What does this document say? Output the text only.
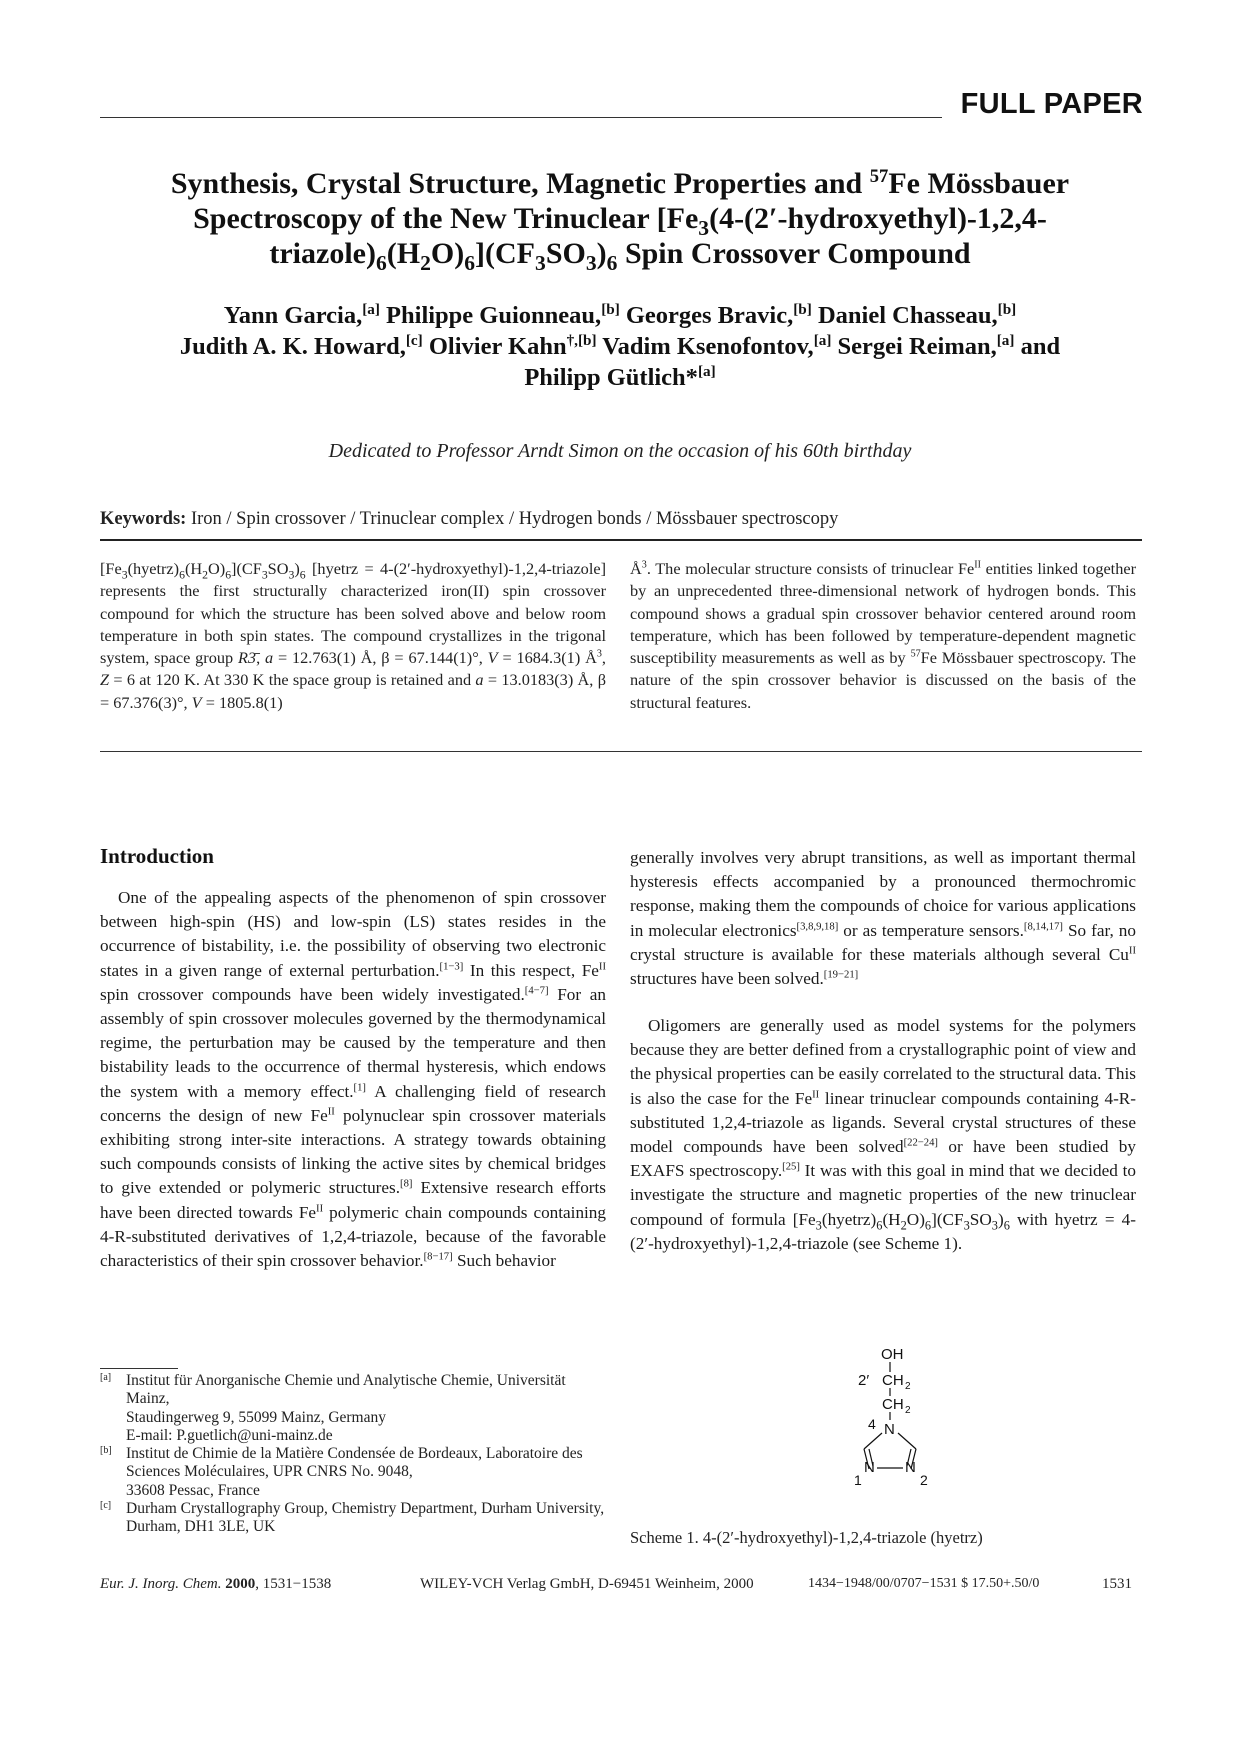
FULL PAPER
Synthesis, Crystal Structure, Magnetic Properties and $^{57}$Fe Mössbauer
Spectroscopy of the New Trinuclear [$Fe_3(4-(2'-hydroxyethyl)-1,2,4-$
$triazole)_6(H_2O)_6](CF_3SO_3)_6$ Spin Crossover Compound
Yann Garcia,[a] Philippe Guionneau,[b] Georges Bravic,[b] Daniel Chasseau,[b]
Judith A. K. Howard,[c] Olivier Kahn$^{\dagger,[b]}$ Vadim Ksenofontov,[a] Sergei Reiman,[a] and
Philipp Gütlich*[a]
Dedicated to Professor Arndt Simon on the occasion of his 60th birthday
Keywords: Iron / Spin crossover / Trinuclear complex / Hydrogen bonds / Mössbauer spectroscopy

$[Fe_3(hyetrz)_6(H_2O)_6](CF_3SO_3)_6$ [hyetrz = 4-(2′-hydroxyethyl)-1,2,4-triazole] represents the first structurally characterized iron(II) spin crossover compound for which the structure has been solved above and below room temperature in both spin states. The compound crystallizes in the trigonal system, space group R3̄, a = 12.763(1) Å, β = 67.144(1)°, V = 1684.3(1) $Å^3$, Z = 6 at 120 K. At 330 K the space group is retained and a = 13.0183(3) Å, β = 67.376(3)°, V = 1805.8(1)

$Å^3$. The molecular structure consists of trinuclear $Fe^{II}$ entities linked together by an unprecedented three-dimensional network of hydrogen bonds. This compound shows a gradual spin crossover behavior centered around room temperature, which has been followed by temperature-dependent magnetic susceptibility measurements as well as by $^{57}$Fe Mössbauer spectroscopy. The nature of the spin crossover behavior is discussed on the basis of the structural features.

Introduction

One of the appealing aspects of the phenomenon of spin crossover between high-spin (HS) and low-spin (LS) states resides in the occurrence of bistability, i.e. the possibility of observing two electronic states in a given range of external perturbation.[1−3] In this respect, $Fe^{II}$ spin crossover compounds have been widely investigated.[4−7] For an assembly of spin crossover molecules governed by the thermodynamical regime, the perturbation may be caused by the temperature and then bistability leads to the occurrence of thermal hysteresis, which endows the system with a memory effect.[1] A challenging field of research concerns the design of new $Fe^{II}$ polynuclear spin crossover materials exhibiting strong inter-site interactions. A strategy towards obtaining such compounds consists of linking the active sites by chemical bridges to give extended or polymeric structures.[8] Extensive research efforts have been directed towards $Fe^{II}$ polymeric chain compounds containing 4-R-substituted derivatives of 1,2,4-triazole, because of the favorable characteristics of their spin crossover behavior.[8−17] Such behavior

generally involves very abrupt transitions, as well as important thermal hysteresis effects accompanied by a pronounced thermochromic response, making them the compounds of choice for various applications in molecular electronics[3,8,9,18] or as temperature sensors.[8,14,17] So far, no crystal structure is available for these materials although several $Cu^{II}$ structures have been solved.[19−21]

Oligomers are generally used as model systems for the polymers because they are better defined from a crystallographic point of view and the physical properties can be easily correlated to the structural data. This is also the case for the $Fe^{II}$ linear trinuclear compounds containing 4-R-substituted 1,2,4-triazole as ligands. Several crystal structures of these model compounds have been solved[22−24] or have been studied by EXAFS spectroscopy.[25] It was with this goal in mind that we decided to investigate the structure and magnetic properties of the new trinuclear compound of formula $[Fe_3(hyetrz)_6(H_2O)_6](CF_3SO_3)_6$ with hyetrz = 4-(2′-hydroxyethyl)-1,2,4-triazole (see Scheme 1).

[a] Institut für Anorganische Chemie und Analytische Chemie, Universität Mainz,
Staudingerweg 9, 55099 Mainz, Germany
E-mail: P.guetlich@uni-mainz.de
[b] Institut de Chimie de la Matière Condensée de Bordeaux, Laboratoire des Sciences Moléculaires, UPR CNRS No. 9048,
33608 Pessac, France
[c] Durham Crystallography Group, Chemistry Department, Durham University,
Durham, DH1 3LE, UK
OH
2′ CH 2
CH 2
4 N
N N
1	2
Scheme 1. 4-(2′-hydroxyethyl)-1,2,4-triazole (hyetrz)
Eur. J. Inorg. Chem. 2000, 1531−1538	WILEY-VCH Verlag GmbH, D-69451 Weinheim, 2000	1434−1948/00/0707−1531 $ 17.50+.50/0	1531
